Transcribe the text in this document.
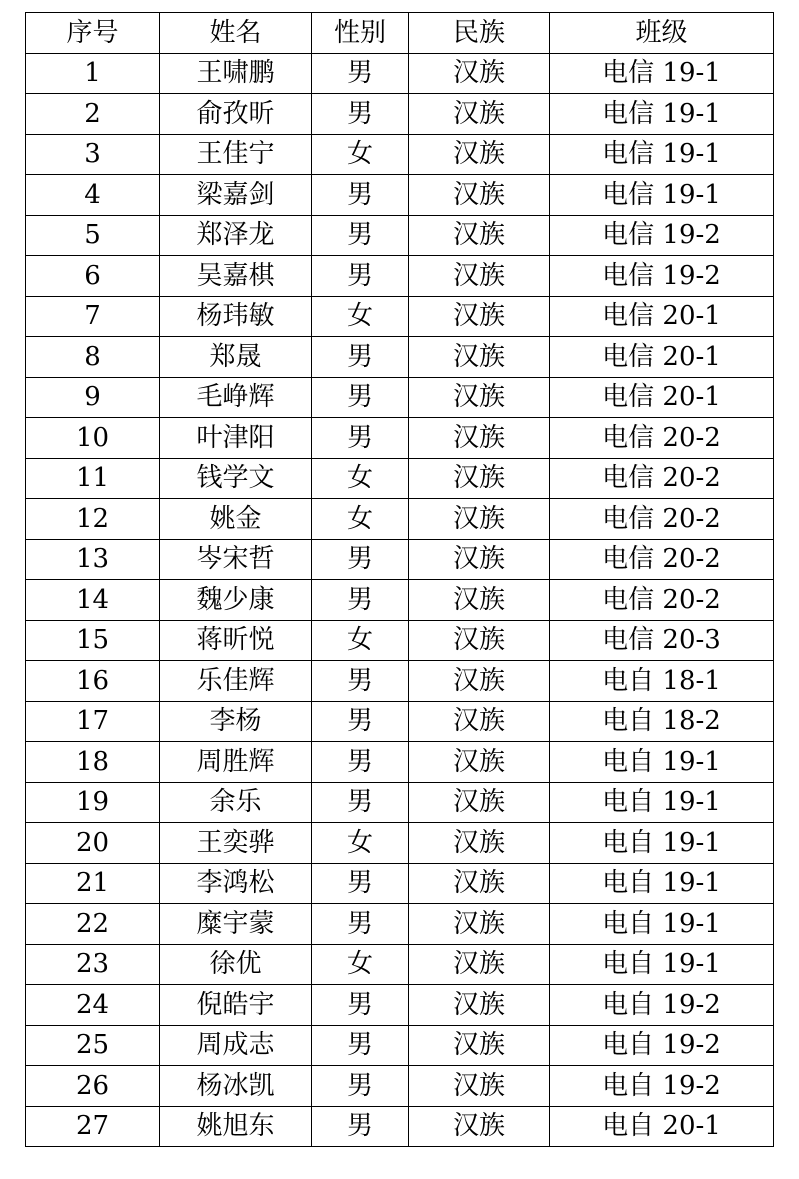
序号	姓名	性别	民族	班级
1	王啸鹏	男	汉族	电信 19-1
2	俞孜昕	男	汉族	电信 19-1
3	王佳宁	女	汉族	电信 19-1
4	梁嘉剑	男	汉族	电信 19-1
5	郑泽龙	男	汉族	电信 19-2
6	吴嘉棋	男	汉族	电信 19-2
7	杨玮敏	女	汉族	电信 20-1
8	郑晟	男	汉族	电信 20-1
9	毛峥辉	男	汉族	电信 20-1
10	叶津阳	男	汉族	电信 20-2
11	钱学文	女	汉族	电信 20-2
12	姚金	女	汉族	电信 20-2
13	岑宋哲	男	汉族	电信 20-2
14	魏少康	男	汉族	电信 20-2
15	蒋昕悦	女	汉族	电信 20-3
16	乐佳辉	男	汉族	电自 18-1
17	李杨	男	汉族	电自 18-2
18	周胜辉	男	汉族	电自 19-1
19	余乐	男	汉族	电自 19-1
20	王奕骅	女	汉族	电自 19-1
21	李鸿松	男	汉族	电自 19-1
22	糜宇蒙	男	汉族	电自 19-1
23	徐优	女	汉族	电自 19-1
24	倪皓宇	男	汉族	电自 19-2
25	周成志	男	汉族	电自 19-2
26	杨冰凯	男	汉族	电自 19-2
27	姚旭东	男	汉族	电自 20-1
